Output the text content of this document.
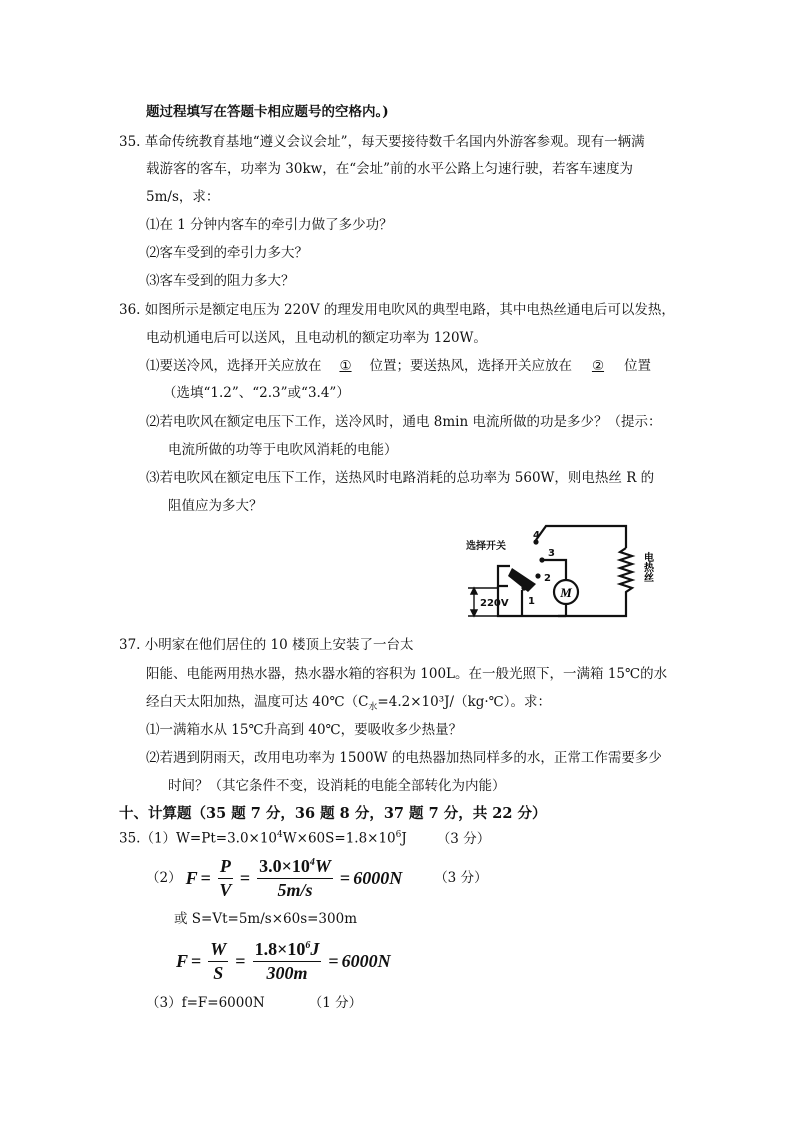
题过程填写在答题卡相应题号的空格内。)
35. 革命传统教育基地“遵义会议会址”，每天要接待数千名国内外游客参观。现有一辆满
载游客的客车，功率为 30kw，在“会址”前的水平公路上匀速行驶，若客车速度为
5m/s，求：
⑴在 1 分钟内客车的牵引力做了多少功？
⑵客车受到的牵引力多大？
⑶客车受到的阻力多大？
36. 如图所示是额定电压为 220V 的理发用电吹风的典型电路，其中电热丝通电后可以发热，
电动机通电后可以送风，且电动机的额定功率为 120W。
⑴要送冷风，选择开关应放在①位置；要送热风，选择开关应放在②位置
（选填“1.2”、“2.3”或“3.4”）
⑵若电吹风在额定电压下工作，送冷风时，通电 8min 电流所做的功是多少？（提示：
电流所做的功等于电吹风消耗的电能）
⑶若电吹风在额定电压下工作，送热风时电路消耗的总功率为 560W，则电热丝 R 的
阻值应为多大？
M
选择开关
4
3
2
1
220V
电热丝
37. 小明家在他们居住的 10 楼顶上安装了一台太
阳能、电能两用热水器，热水器水箱的容积为 100L。在一般光照下，一满箱 15℃的水
经白天太阳加热，温度可达 $40℃(C_水=4.2\times 10^3J/(kg\cdot℃)$。求：
⑴一满箱水从 15℃升高到 40℃，要吸收多少热量？
⑵若遇到阴雨天，改用电功率为 1500W 的电热器加热同样多的水，正常工作需要多少
时间？（其它条件不变，设消耗的电能全部转化为内能）
十、计算题（35 题 7 分，36 题 8 分，37 题 7 分，共 22 分）
$35.(1)W=Pt=3.0\times 10^4W\times 60S=1.8\times 10^6J$ （3 分）
（2） $F = \frac{P}{V} = \frac{3.0\times 10^4W}{5m/s} = 6000N$ （3 分）
或 S=Vt=5m/s×60s=300m
$F = \frac{W}{S} = \frac{1.8\times 10^6J}{300m} = 6000N$
（3）f=F=6000N	（1 分）
